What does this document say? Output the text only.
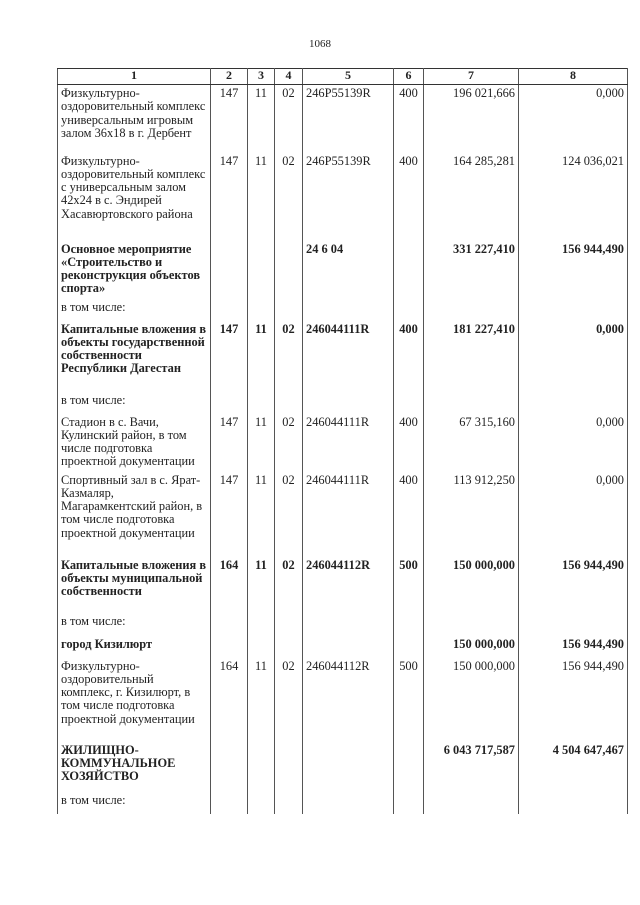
1068
1	2	3	4	5	6	7	8
Физкультурно-оздоровительный комплекс универсальным игровым залом 36х18 в г. Дербент	147	11	02	246P55139R	400	196 021,666	0,000
Физкультурно-оздоровительный комплекс с универсальным залом 42х24 в с. Эндирей Хасавюртовского района	147	11	02	246P55139R	400	164 285,281	124 036,021
Основное мероприятие «Строительство и реконструкция объектов спорта»				24 6 04		331 227,410	156 944,490
в том числе:							
Капитальные вложения в объекты государственной собственности Республики Дагестан	147	11	02	246044111R	400	181 227,410	0,000
в том числе:							
Стадион в с. Вачи, Кулинский район, в том числе подготовка проектной документации	147	11	02	246044111R	400	67 315,160	0,000
Спортивный зал в с. Ярат-Казмаляр, Магарамкентский район, в том числе подготовка проектной документации	147	11	02	246044111R	400	113 912,250	0,000
Капитальные вложения в объекты муниципальной собственности	164	11	02	246044112R	500	150 000,000	156 944,490
в том числе:							
город Кизилюрт						150 000,000	156 944,490
Физкультурно-оздоровительный комплекс, г. Кизилюрт, в том числе подготовка проектной документации	164	11	02	246044112R	500	150 000,000	156 944,490
ЖИЛИЩНО-КОММУНАЛЬНОЕ ХОЗЯЙСТВО						6 043 717,587	4 504 647,467
в том числе:							
